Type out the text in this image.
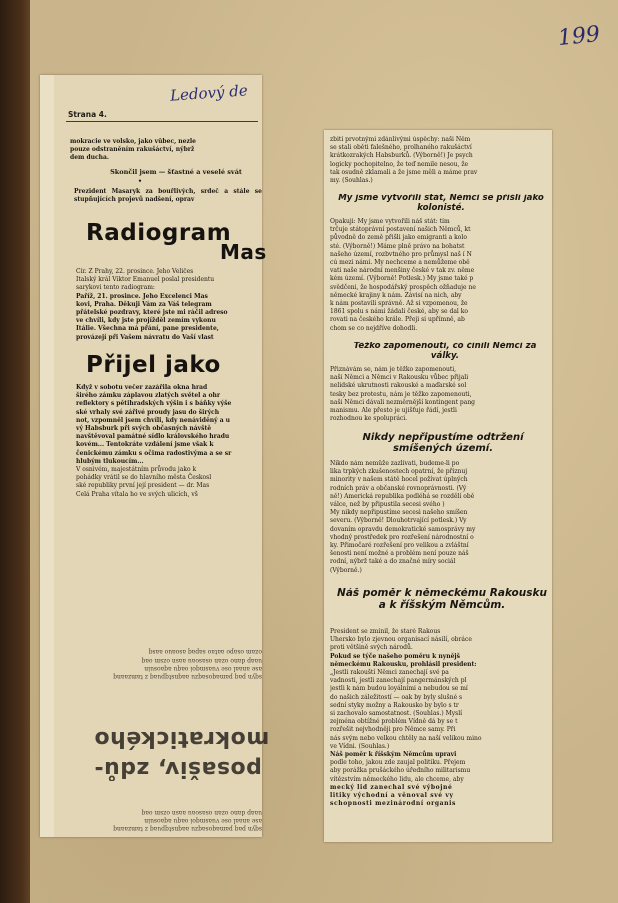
199
Ledový de
Strana 4.
mokracie ve volsko, jako vůbec, nezle
pouze odstraněním rakušáctví, nýbrž
dem ducha.
Skončil jsem — šťastné a veselé svát
•
Prezident Masaryk za bouřlivých, srdeč a stále se stupňujících projevů nadšení, oprav
Radiogram
Mas
Čír. Z Prahy, 22. prosince. Jeho Veličes
Italský král Viktor Emanuel poslal presidentu
sarykovi tento radiogram:
Paříž, 21. prosince. Jeho Excelenci Mas
kovi, Praha. Děkuji Vám za Váš telegram
přátelské pozdravy, které jste mi ráčil adreso
ve chvíli, kdy jste projížděl zemím vykonu
Itálie. Všechna má přání, pane presidente,
provázejí při Vašem návratu do Vaší vlast
Přijel jako
Když v sobotu večer zazářila okna hrad
širého zámku záplavou zlatých světel a ohr
reflektory s pětihradských výšin i s báňky výše
ské vrhaly své zářivé proudy jasu do širých
not, vzpomněl jsem chvíli, kdy nenáviděný a u
vý Habsburk při svých občasných návště
navštěvoval památné sídlo královského hradu
kovém... Tentokráte vzdálení jsme však k
čenickému zámku s očima radostivýma a se sr
hlubým tlukoucím...
V osnivém, majestátním průvodu jako k
pohádky vrátil se do hlavního města Českosl
ské republiky první její president — dr. Mas
Celá Praha vítala ho ve svých ulicích, vš
sqyn paq pamaqosaqzu aaqnstqpuaq z tamzaanq
ase anaal ose vuasmqoi oaqu aqaosuin
uaap dano ozan osasoau aasn ozsm oaq
ozam osapo aatao sapaq asoauo aasq
mokratického
posašiv, zdů-
sqyn paq pamaqosaqzu aaqnstqpuaq z tamzaanq
ase anaal ose vuasmqoi oaqu aqaosuin
uaap dano ozan osasoau aasn ozsm oaq
zbití prvotnými zdánlivými úspěchy: naši Něm
se stali oběti falešného, prolhaného rakušáctví
krátkozrakých Habsburků. (Výborně!) Je psych
logicky pochopitelno, že teď nemile nesou, že
tak osudně zklamali a že jsme měli a máme prav
my. (Souhlas.)
My jsme vytvořili stát, Němci se přišli jako kolonisté.
Opakuji: My jsme vytvořili náš stát: tím
trčuje státoprávní postavení našich Němců, kt
původně do země přišli jako emigranti a kolo
sté. (Výborně!) Máme plně právo na bohatst
našeho území, rozbvtného pro průmysl naš í N
cú mezi námi. My nechceme a nemůžeme obě
vati naše národní menšiny české v tak zv. něme
kém území. (Výborně! Potlesk.) My jsme také p
svědčeni, že hospodářský prospěch ožňaduje ne
německé krajiny k nám. Závisí na nich, aby
k nám postavili správně. Až si vzpomenou, že
1861 spolu s námi žádali české, aby se dal ko
rovati na českého krále. Přeji si upřímně, ab
chom se co nejdříve dohodli.
Těžko zapomenouti, co činili Němci za války.
Přiznávám se, nám je těžko zapomenouti,
naši Němci a Němci v Rakousku vůbec přijali
nelidské ukrutnosti rakouské a maďarské sol
tesky bez protestu, nám je těžko zapomenouti,
naši Němci dávali nezměrnější kontingent pang
manismu. Ale přesto je ujišťuje řádí, jestli
rozhodnou ke spolupráci.
Nikdy nepřipustíme odtržení smíšených území.
Nikdo nám nemůže zazlívati, budeme-li po
lika trpkých zkušenostech opatrní, že přiznuj
minority v našem státě hocel požívat úplných
rodních práv a občanské rovnoprávnosti. (Vý
ně!) Americká republika podléhá se rozdělí obě
válce, než by připustila secesi svého )
My nikdy nepřipustíme secesi našeho smíšen
severu. (Výborně! Dlouhotrvající potlesk.) Vy
dovaním opravdu demokratické samosprávy my
vhodný prostředek pro rozřešení národnostní o
ky. Přimočaré rozřešení pro velikou a zvláštní
šenosti není možné a problém není pouze náš
rodní, nýbrž také a do značné míry sociál
(Výborně.)
Náš poměr k německému Rakousku a k říšským Němcům.
President se zmínil, že staré Rakous
Uhersko bylo zjevnou organisací násilí, obráce
proti většině svých národů.
Pokud se týče našeho poměru k nynějš
německému Rakousku, prohlásil president:
„Jestli rakouští Němci zanechají své pa
vadnosti, jestli zanechají pangermánských pl
jestli k nám budou loyálními a nebudou se mí
do našich záležitostí — oak by byly slušné s
sední styky možny a Rakousko by bylo s tr
si zachovalo samostatnost. (Souhlas.) Myslí
zejména obtížné problém Vídně dá by se t
rozřešit nejvhodněji pro Němce samy. Při
nás svým nebo velkou chtěly na naší velikou mino
ve Vídni. (Souhlas.)
Náš poměr k říšským Němcům upravi
podle toho, jakou zde zaujal politiku. Přejem
aby porážka prušáckého úředního militarismu
vítězstvím německého lidu, ale chceme, aby
mecký lid zanechal své výbojné
litiky východní a věnoval své vy
schopnosti mezinárodní organis
